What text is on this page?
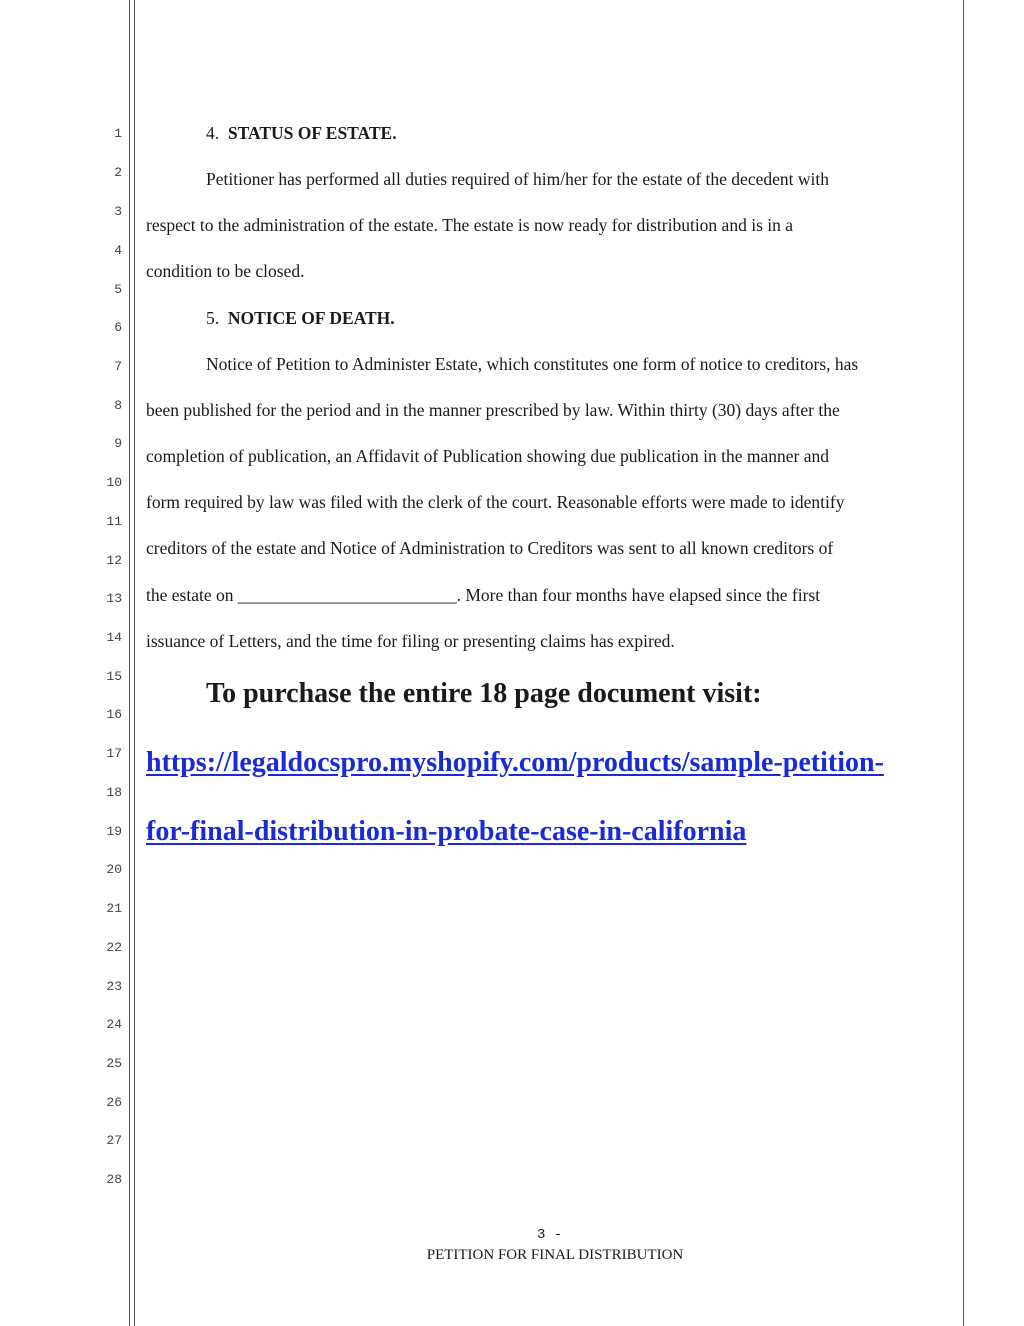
1
2
3
4
5
6
7
8
9
10
11
12
13
14
15
16
17
18
19
20
21
22
23
24
25
26
27
28
4. STATUS OF ESTATE.
Petitioner has performed all duties required of him/her for the estate of the decedent with
respect to the administration of the estate. The estate is now ready for distribution and is in a
condition to be closed.
5. NOTICE OF DEATH.
Notice of Petition to Administer Estate, which constitutes one form of notice to creditors, has
been published for the period and in the manner prescribed by law. Within thirty (30) days after the
completion of publication, an Affidavit of Publication showing due publication in the manner and
form required by law was filed with the clerk of the court. Reasonable efforts were made to identify
creditors of the estate and Notice of Administration to Creditors was sent to all known creditors of
the estate on _________________________. More than four months have elapsed since the first
issuance of Letters, and the time for filing or presenting claims has expired.
To purchase the entire 18 page document visit:
https://legaldocspro.myshopify.com/products/sample-petition-
for-final-distribution-in-probate-case-in-california
3 -
PETITION FOR FINAL DISTRIBUTION
